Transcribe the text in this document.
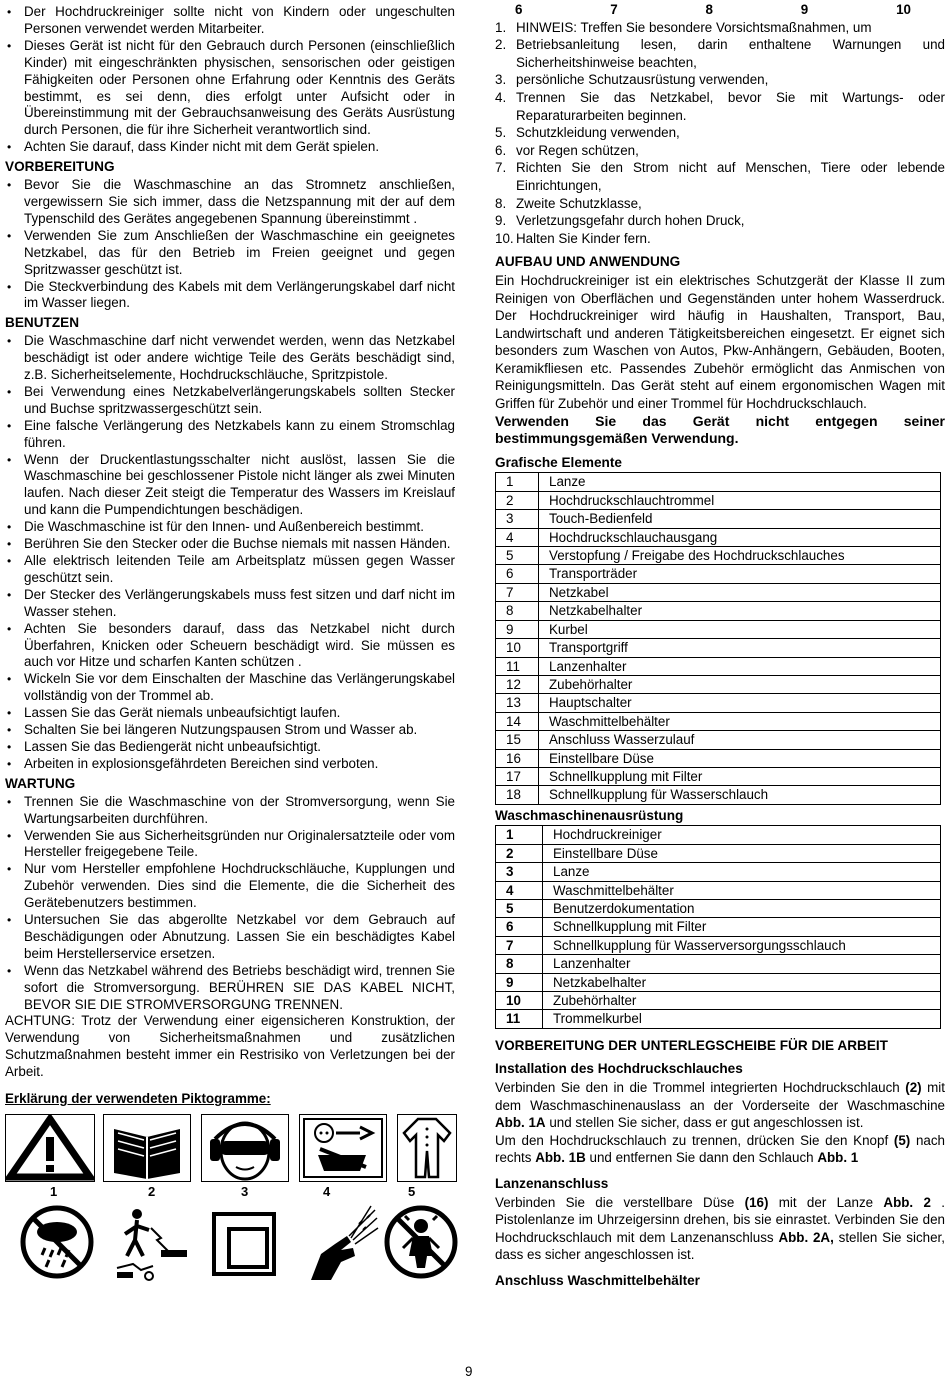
• Der Hochdruckreiniger sollte nicht von Kindern oder ungeschulten Personen verwendet werden Mitarbeiter.
• Dieses Gerät ist nicht für den Gebrauch durch Personen (einschließlich Kinder) mit eingeschränkten physischen, sensorischen oder geistigen Fähigkeiten oder Personen ohne Erfahrung oder Kenntnis des Geräts bestimmt, es sei denn, dies erfolgt unter Aufsicht oder in Übereinstimmung mit der Gebrauchsanweisung des Geräts Ausrüstung durch Personen, die für ihre Sicherheit verantwortlich sind.
• Achten Sie darauf, dass Kinder nicht mit dem Gerät spielen.
VORBEREITUNG
• Bevor Sie die Waschmaschine an das Stromnetz anschließen, vergewissern Sie sich immer, dass die Netzspannung mit der auf dem Typenschild des Gerätes angegebenen Spannung übereinstimmt .
• Verwenden Sie zum Anschließen der Waschmaschine ein geeignetes Netzkabel, das für den Betrieb im Freien geeignet und gegen Spritzwasser geschützt ist.
• Die Steckverbindung des Kabels mit dem Verlängerungskabel darf nicht im Wasser liegen.
BENUTZEN
• Die Waschmaschine darf nicht verwendet werden, wenn das Netzkabel beschädigt ist oder andere wichtige Teile des Geräts beschädigt sind, z.B. Sicherheitselemente, Hochdruckschläuche, Spritzpistole.
• Bei Verwendung eines Netzkabelverlängerungskabels sollten Stecker und Buchse spritzwassergeschützt sein.
• Eine falsche Verlängerung des Netzkabels kann zu einem Stromschlag führen.
• Wenn der Druckentlastungsschalter nicht auslöst, lassen Sie die Waschmaschine bei geschlossener Pistole nicht länger als zwei Minuten laufen. Nach dieser Zeit steigt die Temperatur des Wassers im Kreislauf und kann die Pumpendichtungen beschädigen.
• Die Waschmaschine ist für den Innen- und Außenbereich bestimmt.
• Berühren Sie den Stecker oder die Buchse niemals mit nassen Händen.
• Alle elektrisch leitenden Teile am Arbeitsplatz müssen gegen Wasser geschützt sein.
• Der Stecker des Verlängerungskabels muss fest sitzen und darf nicht im Wasser stehen.
• Achten Sie besonders darauf, dass das Netzkabel nicht durch Überfahren, Knicken oder Scheuern beschädigt wird. Sie müssen es auch vor Hitze und scharfen Kanten schützen .
• Wickeln Sie vor dem Einschalten der Maschine das Verlängerungskabel vollständig von der Trommel ab.
• Lassen Sie das Gerät niemals unbeaufsichtigt laufen.
• Schalten Sie bei längeren Nutzungspausen Strom und Wasser ab.
• Lassen Sie das Bediengerät nicht unbeaufsichtigt.
• Arbeiten in explosionsgefährdeten Bereichen sind verboten.
WARTUNG
• Trennen Sie die Waschmaschine von der Stromversorgung, wenn Sie Wartungsarbeiten durchführen.
• Verwenden Sie aus Sicherheitsgründen nur Originalersatzteile oder vom Hersteller freigegebene Teile.
• Nur vom Hersteller empfohlene Hochdruckschläuche, Kupplungen und Zubehör verwenden. Dies sind die Elemente, die die Sicherheit des Gerätebenutzers bestimmen.
• Untersuchen Sie das abgerollte Netzkabel vor dem Gebrauch auf Beschädigungen oder Abnutzung. Lassen Sie ein beschädigtes Kabel beim Herstellerservice ersetzen.
• Wenn das Netzkabel während des Betriebs beschädigt wird, trennen Sie sofort die Stromversorgung. BERÜHREN SIE DAS KABEL NICHT, BEVOR SIE DIE STROMVERSORGUNG TRENNEN.

ACHTUNG: Trotz der Verwendung einer eigensicheren Konstruktion, der Verwendung von Sicherheitsmaßnahmen und zusätzlichen Schutzmaßnahmen besteht immer ein Restrisiko von Verletzungen bei der Arbeit.

Erklärung der verwendeten Piktogramme:
1	2	3	4	5
6	7	8	9	10
1. HINWEIS: Treffen Sie besondere Vorsichtsmaßnahmen, um
2. Betriebsanleitung lesen, darin enthaltene Warnungen und Sicherheitshinweise beachten,
3. persönliche Schutzausrüstung verwenden,
4. Trennen Sie das Netzkabel, bevor Sie mit Wartungs- oder Reparaturarbeiten beginnen.
5. Schutzkleidung verwenden,
6. vor Regen schützen,
7. Richten Sie den Strom nicht auf Menschen, Tiere oder lebende Einrichtungen,
8. Zweite Schutzklasse,
9. Verletzungsgefahr durch hohen Druck,
10. Halten Sie Kinder fern.
AUFBAU UND ANWENDUNG

Ein Hochdruckreiniger ist ein elektrisches Schutzgerät der Klasse II zum Reinigen von Oberflächen und Gegenständen unter hohem Wasserdruck. Der Hochdruckreiniger wird häufig in Haushalten, Transport, Bau, Landwirtschaft und anderen Tätigkeitsbereichen eingesetzt. Er eignet sich besonders zum Waschen von Autos, Pkw-Anhängern, Gebäuden, Booten, Keramikfliesen etc. Passendes Zubehör ermöglicht das Anmischen von Reinigungsmitteln. Das Gerät steht auf einem ergonomischen Wagen mit Griffen für Zubehör und einer Trommel für Hochdruckschlauch.

Verwenden Sie das Gerät nicht entgegen seiner bestimmungsgemäßen Verwendung.

Grafische Elemente
1	Lanze
2	Hochdruckschlauchtrommel
3	Touch-Bedienfeld
4	Hochdruckschlauchausgang
5	Verstopfung / Freigabe des Hochdruckschlauches
6	Transporträder
7	Netzkabel
8	Netzkabelhalter
9	Kurbel
10	Transportgriff
11	Lanzenhalter
12	Zubehörhalter
13	Hauptschalter
14	Waschmittelbehälter
15	Anschluss Wasserzulauf
16	Einstellbare Düse
17	Schnellkupplung mit Filter
18	Schnellkupplung für Wasserschlauch
Waschmaschinenausrüstung
1	Hochdruckreiniger
2	Einstellbare Düse
3	Lanze
4	Waschmittelbehälter
5	Benutzerdokumentation
6	Schnellkupplung mit Filter
7	Schnellkupplung für Wasserversorgungsschlauch
8	Lanzenhalter
9	Netzkabelhalter
10	Zubehörhalter
11	Trommelkurbel
VORBEREITUNG DER UNTERLEGSCHEIBE FÜR DIE ARBEIT
Installation des Hochdruckschlauches

Verbinden Sie den in die Trommel integrierten Hochdruckschlauch (2) mit dem Waschmaschinenauslass an der Vorderseite der Waschmaschine Abb. 1A und stellen Sie sicher, dass er gut angeschlossen ist.

Um den Hochdruckschlauch zu trennen, drücken Sie den Knopf (5) nach rechts Abb. 1B und entfernen Sie dann den Schlauch Abb. 1

Lanzenanschluss

Verbinden Sie die verstellbare Düse (16) mit der Lanze Abb. 2 . Pistolenlanze im Uhrzeigersinn drehen, bis sie einrastet. Verbinden Sie den Hochdruckschlauch mit dem Lanzenanschluss Abb. 2A, stellen Sie sicher, dass es sicher angeschlossen ist.

Anschluss Waschmittelbehälter
9
